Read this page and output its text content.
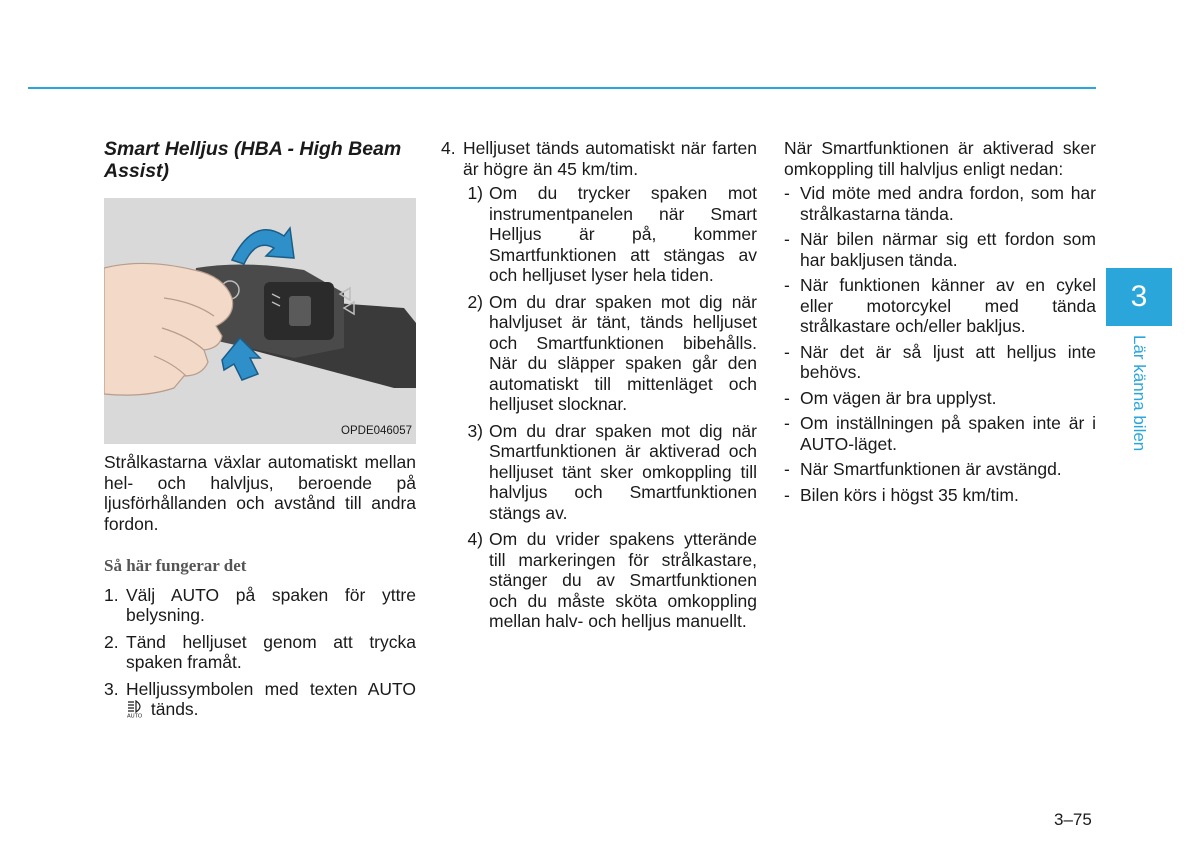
Smart Helljus (HBA - High Beam Assist)
OPDE046057

Strålkastarna växlar automatiskt mellan hel- och halvljus, beroende på ljusförhållanden och avstånd till andra fordon.

Så här fungerar det

1. Välj AUTO på spaken för yttre belysning.
2. Tänd helljuset genom att trycka spaken framåt.
3. Helljussymbolen med texten AUTO
AUTO tänds.
4. Helljuset tänds automatiskt när farten är högre än 45 km/tim.
1) Om du trycker spaken mot instrumentpanelen när Smart Helljus är på, kommer Smartfunktionen att stängas av och helljuset lyser hela tiden.
2) Om du drar spaken mot dig när halvljuset är tänt, tänds helljuset och Smartfunktionen bibehålls. När du släpper spaken går den automatiskt till mittenläget och helljuset slocknar.
3) Om du drar spaken mot dig när Smartfunktionen är aktiverad och helljuset tänt sker omkoppling till halvljus och Smartfunktionen stängs av.
4) Om du vrider spakens ytterände till markeringen för strålkastare, stänger du av Smartfunktionen och du måste sköta omkoppling mellan halv- och helljus manuellt.

När Smartfunktionen är aktiverad sker omkoppling till halvljus enligt nedan:

- Vid möte med andra fordon, som har strålkastarna tända.
- När bilen närmar sig ett fordon som har bakljusen tända.
- När funktionen känner av en cykel eller motorcykel med tända strålkastare och/eller bakljus.
- När det är så ljust att helljus inte behövs.
- Om vägen är bra upplyst.
- Om inställningen på spaken inte är i AUTO-läget.
- När Smartfunktionen är avstängd.
- Bilen körs i högst 35 km/tim.
3
Lär känna bilen
3–75
